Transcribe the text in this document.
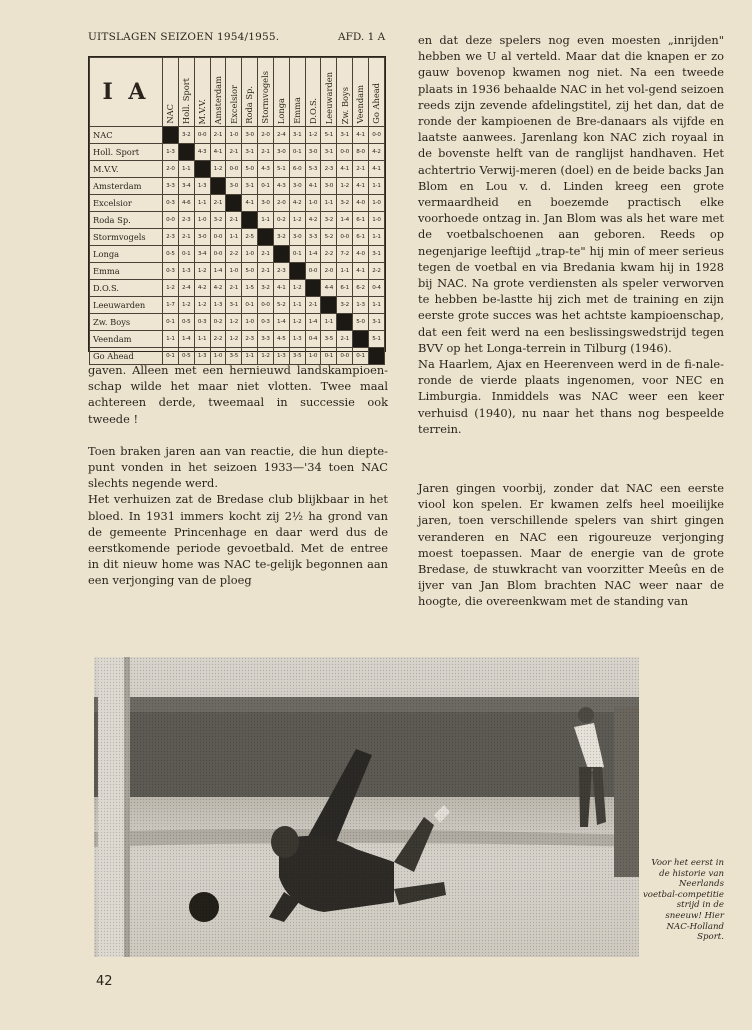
UITSLAGEN SEIZOEN 1954/1955.	AFD. 1 A
I A	NAC	Holl. Sport	M.V.V.	Amsterdam	Excelsior	Roda Sp.	Stormvogels	Longa	Emma	D.O.S.	Leeuwarden	Zw. Boys	Veendam	Go Ahead

NAC		3-2	0-0	2-1	1-0	3-0	2-0	2-4	3-1	1-2	5-1	3-1	4-1	0-0
Holl. Sport	1-3		4-3	4-1	2-1	3-1	2-1	3-0	0-1	3-0	3-1	0-0	8-0	4-2
M.V.V.	2-0	1-1		1-2	0-0	5-0	4-3	5-1	6-0	5-3	2-3	4-1	2-1	4-1
Amsterdam	3-3	3-4	1-3		3-0	3-1	0-1	4-3	3-0	4-1	3-0	1-2	4-1	1-1
Excelsior	0-3	4-6	1-1	2-1		4-1	3-0	2-0	4-2	1-0	1-1	3-2	4-0	1-0
Roda Sp.	0-0	2-3	1-0	3-2	2-1		1-1	0-2	1-2	4-2	3-2	1-4	6-1	1-0
Stormvogels	2-3	2-1	3-0	0-0	1-1	2-5		3-2	3-0	3-3	5-2	0-0	6-1	1-1
Longa	0-5	0-1	3-4	0-0	2-2	1-0	2-1		0-1	1-4	2-2	7-2	4-0	3-1
Emma	0-3	1-3	1-2	1-4	1-0	5-0	2-1	2-3		0-0	2-0	1-1	4-1	2-2
D.O.S.	1-2	2-4	4-2	4-2	2-1	1-5	3-2	4-1	1-2		4-4	6-1	6-2	0-4
Leeuwarden	1-7	1-2	1-2	1-3	3-1	0-1	0-0	5-2	1-1	2-1		3-2	1-3	1-1
Zw. Boys	0-1	0-5	0-3	0-2	1-2	1-0	0-3	1-4	1-2	1-4	1-1		5-0	3-1
Veendam	1-1	1-4	1-1	2-2	1-2	2-3	3-3	4-5	1-3	0-4	3-5	2-1		5-1
Go Ahead	0-1	0-5	1-3	1-0	3-5	1-1	1-2	1-3	3-5	1-0	0-1	0-0	0-1	

gaven. Alleen met een hernieuwd landskampioen-schap wilde het maar niet vlotten. Twee maal achtereen derde, tweemaal in successie ook tweede !

Toen braken jaren aan van reactie, die hun diepte-punt vonden in het seizoen 1933—'34 toen NAC slechts negende werd.

Het verhuizen zat de Bredase club blijkbaar in het bloed. In 1931 immers kocht zij 2½ ha grond van de gemeente Princenhage en daar werd dus de eerstkomende periode gevoetbald. Met de entree in dit nieuw home was NAC te-gelijk begonnen aan een verjonging van de ploeg

en dat deze spelers nog even moesten „inrijden" hebben we U al verteld. Maar dat die knapen er zo gauw bovenop kwamen nog niet. Na een tweede plaats in 1936 behaalde NAC in het vol-gend seizoen reeds zijn zevende afdelingstitel, zij het dan, dat de ronde der kampioenen de Bre-danaars als vijfde en laatste aanwees. Jarenlang kon NAC zich royaal in de bovenste helft van de ranglijst handhaven. Het achtertrio Verwij-meren (doel) en de beide backs Jan Blom en Lou v. d. Linden kreeg een grote vermaardheid en boezemde practisch elke voorhoede ontzag in. Jan Blom was als het ware met de voetbalschoenen aan geboren. Reeds op negenjarige leeftijd „trap-te" hij min of meer serieus tegen de voetbal en via Bredania kwam hij in 1928 bij NAC. Na grote verdiensten als speler verworven te hebben be-lastte hij zich met de training en zijn eerste grote succes was het achtste kampioenschap, dat een feit werd na een beslissingswedstrijd tegen BVV op het Longa-terrein in Tilburg (1946).

Na Haarlem, Ajax en Heerenveen werd in de fi-nale-ronde de vierde plaats ingenomen, voor NEC en Limburgia. Inmiddels was NAC weer een keer verhuisd (1940), nu naar het thans nog bespeelde terrein.

Jaren gingen voorbij, zonder dat NAC een eerste viool kon spelen. Er kwamen zelfs heel moeilijke jaren, toen verschillende spelers van shirt gingen veranderen en NAC een rigoureuze verjonging moest toepassen. Maar de energie van de grote Bredase, de stuwkracht van voorzitter Meeûs en de ijver van Jan Blom brachten NAC weer naar de hoogte, die overeenkwam met de standing van

Voor het eerst in de historie van Neerlands voetbal-competitie strijd in de sneeuw! Hier NAC-Holland Sport.
42
